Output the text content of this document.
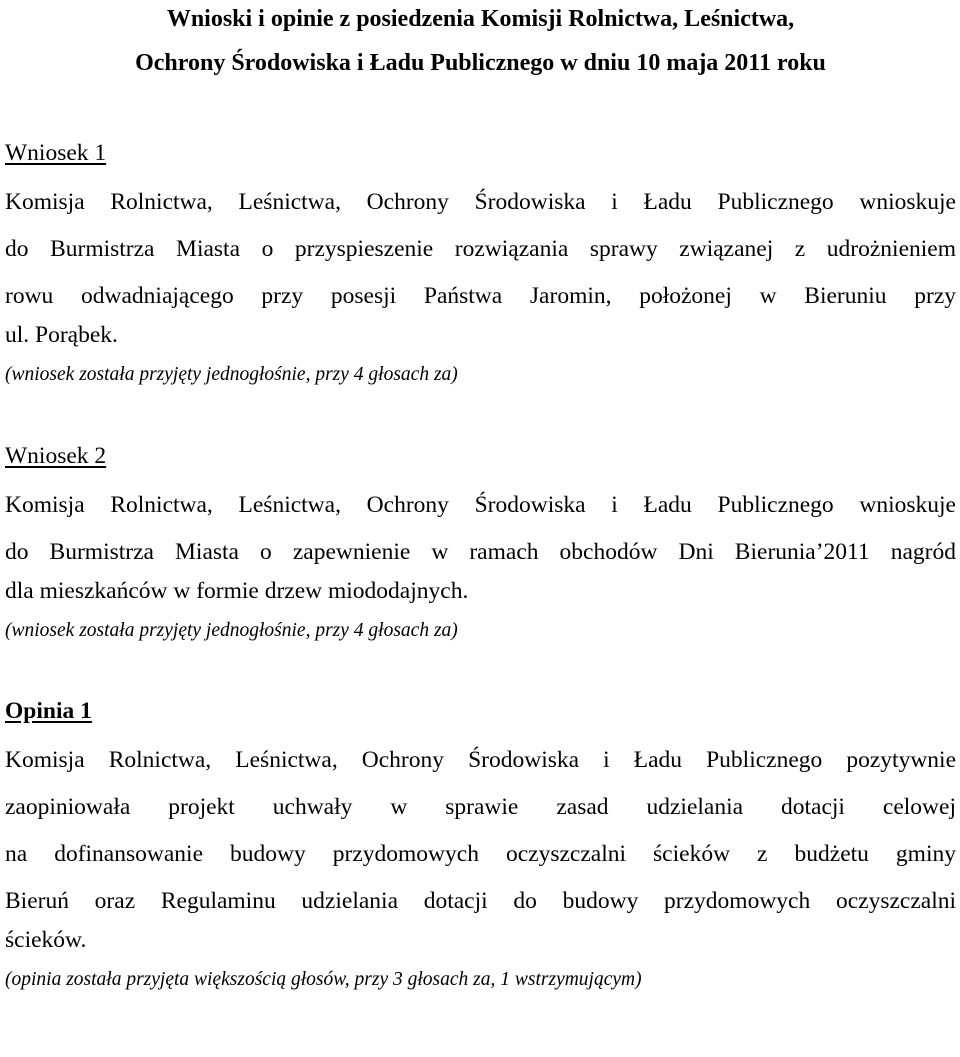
Wnioski i opinie z posiedzenia Komisji Rolnictwa, Leśnictwa,
Ochrony Środowiska i Ładu Publicznego w dniu 10 maja 2011 roku

Wniosek 1

Komisja Rolnictwa, Leśnictwa, Ochrony Środowiska i Ładu Publicznego wnioskuje
do Burmistrza Miasta o przyspieszenie rozwiązania sprawy związanej z udrożnieniem
rowu odwadniającego przy posesji Państwa Jaromin, położonej w Bieruniu przy
ul. Porąbek.

(wniosek została przyjęty jednogłośnie, przy 4 głosach za)

Wniosek 2

Komisja Rolnictwa, Leśnictwa, Ochrony Środowiska i Ładu Publicznego wnioskuje
do Burmistrza Miasta o zapewnienie w ramach obchodów Dni Bierunia’2011 nagród
dla mieszkańców w formie drzew miododajnych.

(wniosek została przyjęty jednogłośnie, przy 4 głosach za)

Opinia 1

Komisja Rolnictwa, Leśnictwa, Ochrony Środowiska i Ładu Publicznego pozytywnie
zaopiniowała projekt uchwały w sprawie zasad udzielania dotacji celowej
na dofinansowanie budowy przydomowych oczyszczalni ścieków z budżetu gminy
Bieruń oraz Regulaminu udzielania dotacji do budowy przydomowych oczyszczalni
ścieków.

(opinia została przyjęta większością głosów, przy 3 głosach za, 1 wstrzymującym)
